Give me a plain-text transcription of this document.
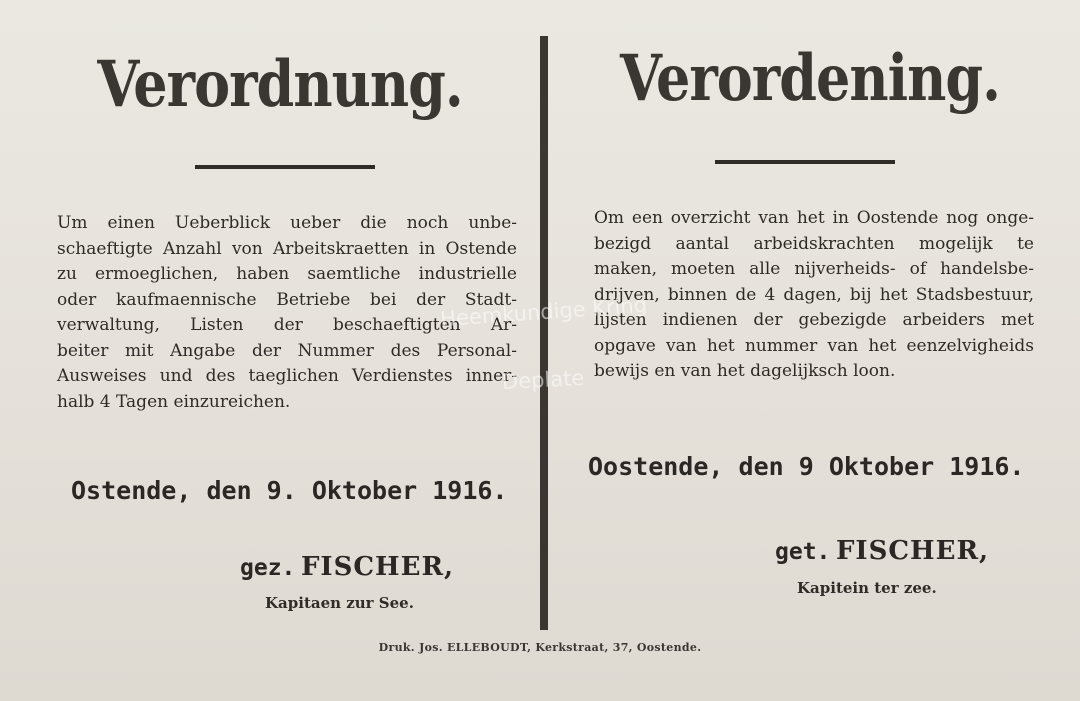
Verordnung.

Um einen Ueberblick ueber die noch unbe-
schaeftigte Anzahl von Arbeitskraetten in Ostende
zu ermoeglichen, haben saemtliche industrielle
oder kaufmaennische Betriebe bei der Stadt-
verwaltung, Listen der beschaeftigten Ar-
beiter mit Angabe der Nummer des Personal-
Ausweises und des taeglichen Verdienstes inner-
halb 4 Tagen einzureichen.

Ostende, den 9. Oktober 1916.

gez. FISCHER,

Kapitaen zur See.

Verordening.

Om een overzicht van het in Oostende nog onge-
bezigd aantal arbeidskrachten mogelijk te
maken, moeten alle nijverheids- of handelsbe-
drijven, binnen de 4 dagen, bij het Stadsbestuur,
lijsten indienen der gebezigde arbeiders met
opgave van het nummer van het eenzelvigheids
bewijs en van het dagelijksch loon.

Oostende, den 9 Oktober 1916.

get. FISCHER,

Kapitein ter zee.

Druk. Jos. ELLEBOUDT, Kerkstraat, 37, Oostende.
Heemkundige Kring
Deplate
